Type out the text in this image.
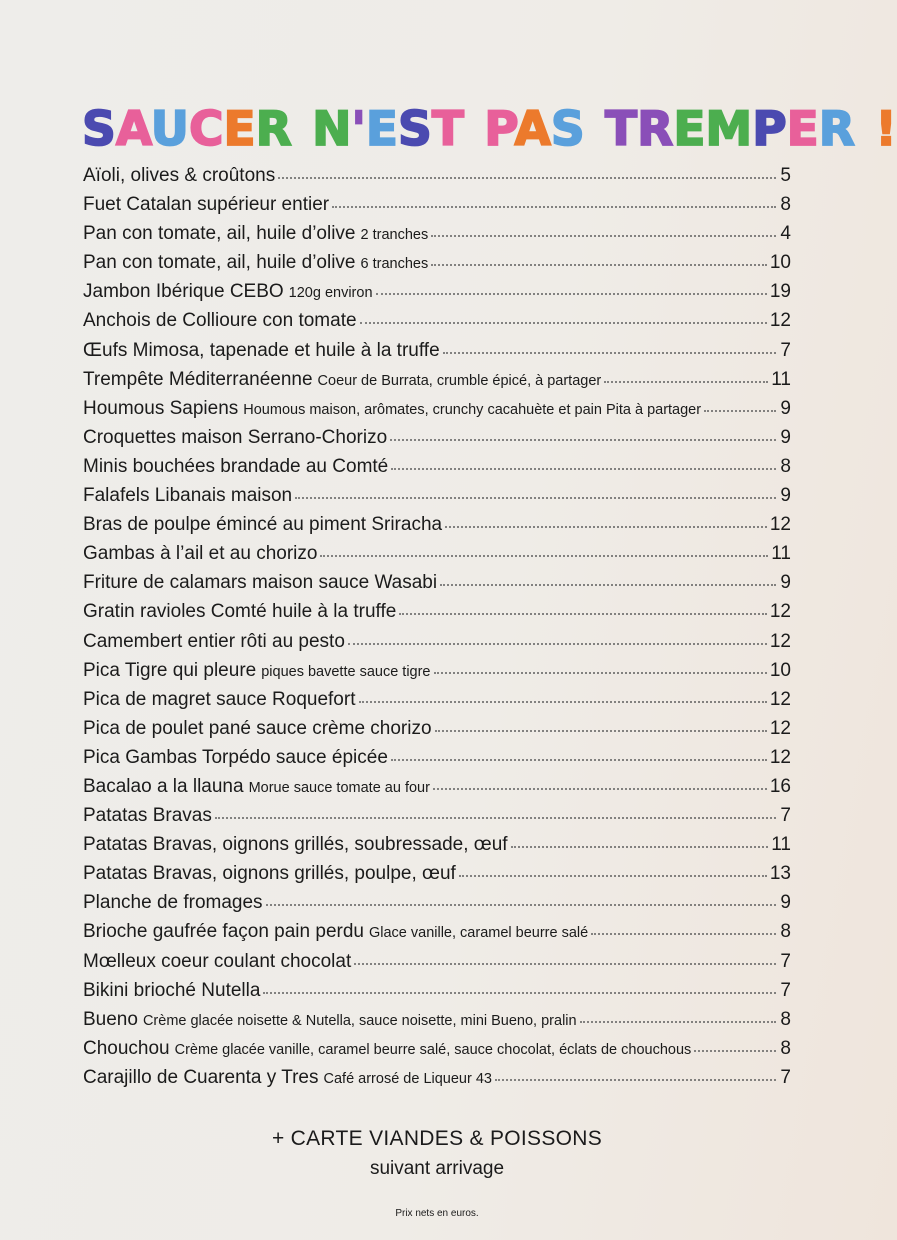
SAUCER N'EST PAS TREMPER !
Aïoli, olives & croûtons	5
Fuet Catalan supérieur entier	8
Pan con tomate, ail, huile d’olive 2 tranches	4
Pan con tomate, ail, huile d’olive 6 tranches	10
Jambon Ibérique CEBO 120g environ	19
Anchois de Collioure con tomate	12
Œufs Mimosa, tapenade et huile à la truffe	7
Trempête Méditerranéenne Coeur de Burrata, crumble épicé, à partager	11
Houmous Sapiens Houmous maison, arômates, crunchy cacahuète et pain Pita à partager	9
Croquettes maison Serrano-Chorizo	9
Minis bouchées brandade au Comté	8
Falafels Libanais maison	9
Bras de poulpe émincé au piment Sriracha	12
Gambas à l’ail et au chorizo	11
Friture de calamars maison sauce Wasabi	9
Gratin ravioles Comté huile à la truffe	12
Camembert entier rôti au pesto	12
Pica Tigre qui pleure piques bavette sauce tigre	10
Pica de magret sauce Roquefort	12
Pica de poulet pané sauce crème chorizo	12
Pica Gambas Torpédo sauce épicée	12
Bacalao a la llauna Morue sauce tomate au four	16
Patatas Bravas	7
Patatas Bravas, oignons grillés, soubressade, œuf	11
Patatas Bravas, oignons grillés, poulpe, œuf	13
Planche de fromages	9
Brioche gaufrée façon pain perdu Glace vanille, caramel beurre salé	8
Mœlleux coeur coulant chocolat	7
Bikini brioché Nutella	7
Bueno Crème glacée noisette & Nutella, sauce noisette, mini Bueno, pralin	8
Chouchou Crème glacée vanille, caramel beurre salé, sauce chocolat, éclats de chouchous	8
Carajillo de Cuarenta y Tres Café arrosé de Liqueur 43	7
+ CARTE VIANDES & POISSONS
suivant arrivage
Prix nets en euros.
